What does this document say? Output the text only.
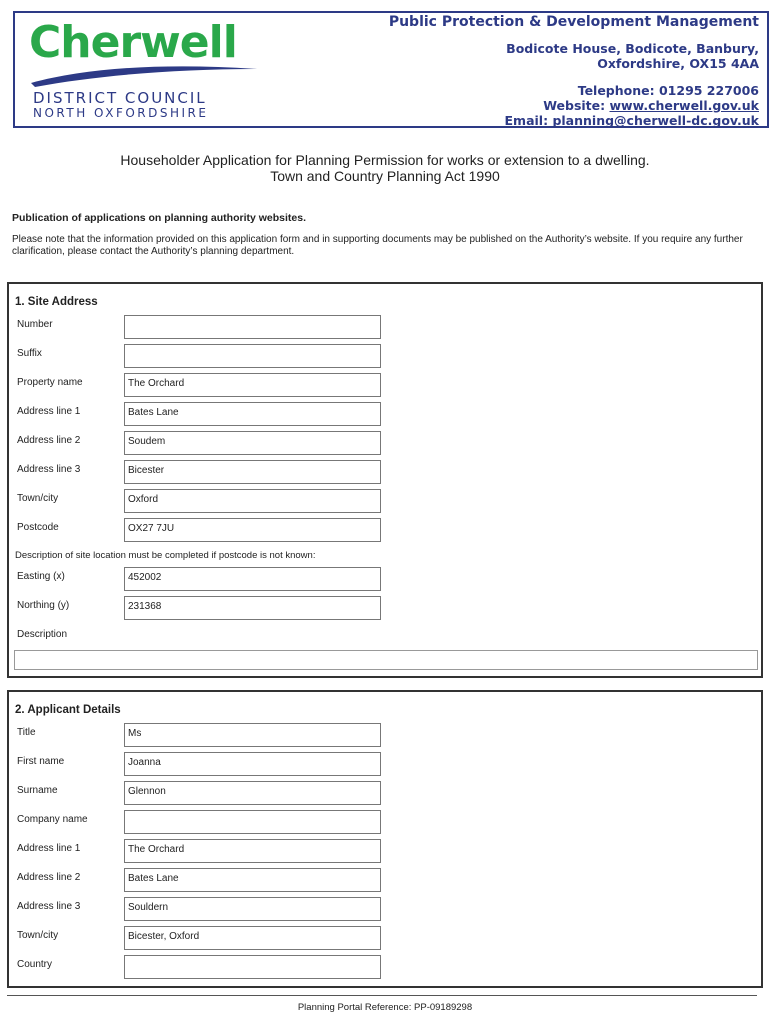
Cherwell
DISTRICT COUNCIL
NORTH OXFORDSHIRE
Public Protection & Development Management
Bodicote House, Bodicote, Banbury,
Oxfordshire, OX15 4AA
Telephone: 01295 227006
Website: www.cherwell.gov.uk
Email: planning@cherwell-dc.gov.uk
Householder Application for Planning Permission for works or extension to a dwelling.
Town and Country Planning Act 1990
Publication of applications on planning authority websites.
Please note that the information provided on this application form and in supporting documents may be published on the Authority’s website. If you require any further clarification, please contact the Authority’s planning department.
1. Site Address
Number
Suffix
Property name	The Orchard
Address line 1	Bates Lane
Address line 2	Soudem
Address line 3	Bicester
Town/city	Oxford
Postcode	OX27 7JU
Description of site location must be completed if postcode is not known:
Easting (x)	452002
Northing (y)	231368
Description
2. Applicant Details
Title	Ms
First name	Joanna
Surname	Glennon
Company name
Address line 1	The Orchard
Address line 2	Bates Lane
Address line 3	Souldern
Town/city	Bicester, Oxford
Country
Planning Portal Reference: PP-09189298
